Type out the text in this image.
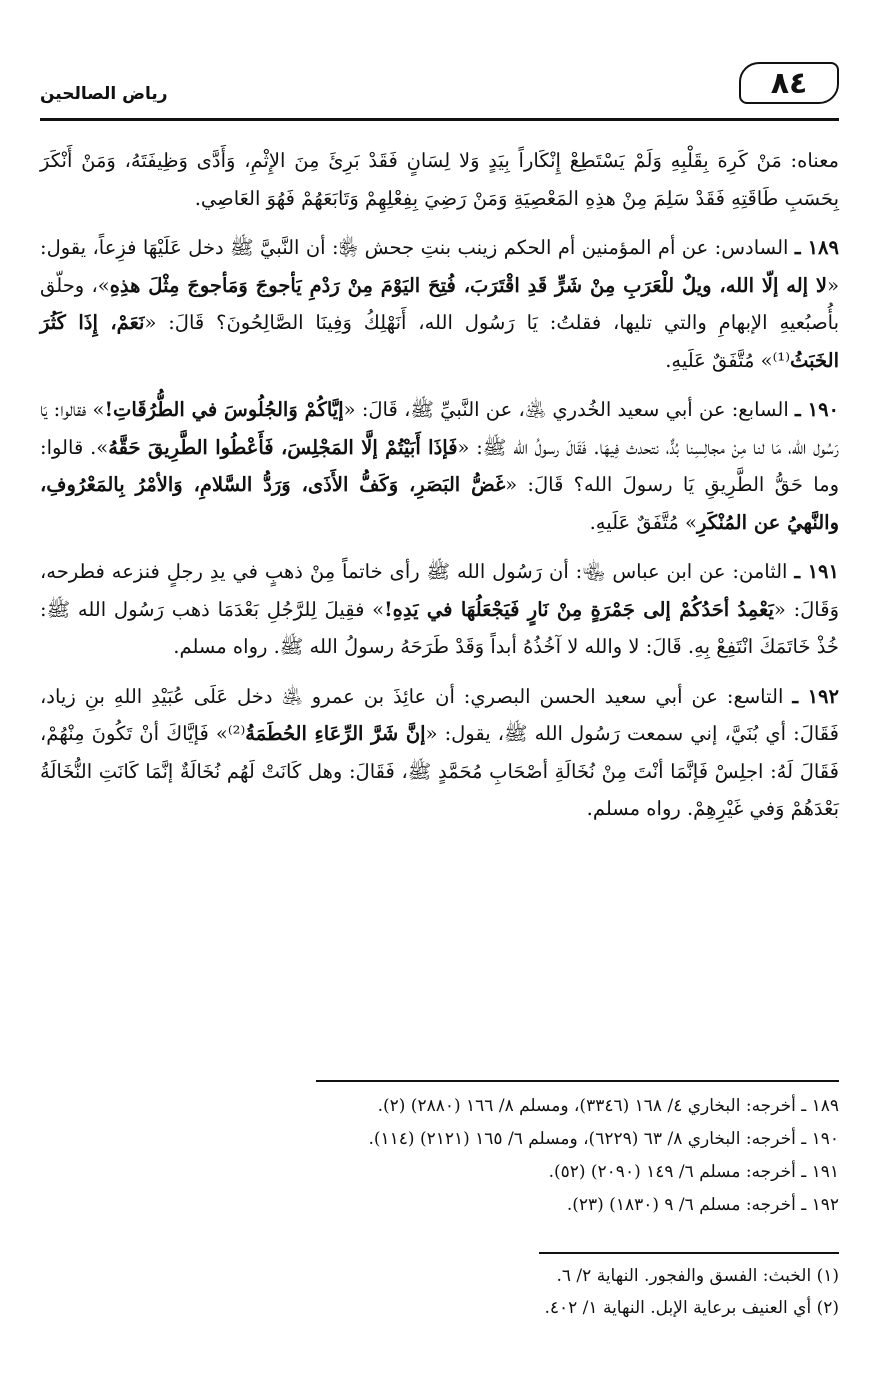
٨٤
رياض الصالحين

معناه: مَنْ كَرِهَ بِقَلْبِهِ وَلَمْ يَسْتَطِعْ إِنْكَاراً بِيَدٍ وَلا لِسَانٍ فَقَدْ بَرِئَ مِنَ الإِثْمِ، وَأَدَّى وَظِيفَتَهُ، وَمَنْ أَنْكَرَ بِحَسَبِ طَاقَتِهِ فَقَدْ سَلِمَ مِنْ هذِهِ المَعْصِيَةِ وَمَنْ رَضِيَ بِفِعْلِهِمْ وَتَابَعَهُمْ فَهُوَ العَاصِي.

١٨٩ ـ السادس: عن أم المؤمنين أم الحكم زينب بنتِ جحش ﵂: أن النَّبيَّ ﷺ دخل عَلَيْهَا فزِعاً، يقول: «لا إله إلّا الله، ويلٌ للْعَرَبِ مِنْ شَرٍّ قَدِ اقْتَرَبَ، فُتِحَ اليَوْمَ مِنْ رَدْمِ يَأجوجَ وَمَأجوجَ مِثْلَ هذِهِ»، وحلّق بأُصبُعيهِ الإبهامِ والتي تليها، فقلتُ: يَا رَسُول الله، أَنَهْلِكُ وَفِينَا الصَّالِحُونَ؟ قَالَ: «نَعَمْ، إِذَا كَثُرَ الخَبَثُ⁽¹⁾» مُتَّفَقٌ عَلَيهِ.

١٩٠ ـ السابع: عن أبي سعيد الخُدري ﵁، عن النَّبيِّ ﷺ، قَالَ: «إيَّاكُمْ وَالجُلُوسَ في الطُّرُقَاتِ!» فقالوا: يَا رَسُول الله، مَا لنا مِنْ مجالِسِنا بُدٌّ، نتحدث فِيهَا. فَقَالَ رسولُ الله ﷺ: «فَإذَا أَبَيْتُمْ إلَّا المَجْلِسَ، فَأَعْطُوا الطَّرِيقَ حَقَّهُ». قالوا: وما حَقُّ الطَّرِيقِ يَا رسولَ الله؟ قَالَ: «غَضُّ البَصَرِ، وَكَفُّ الأَذَى، وَرَدُّ السَّلامِ، وَالأمْرُ بِالمَعْرُوفِ، والنَّهيُ عن المُنْكَرِ» مُتَّفَقٌ عَلَيهِ.

١٩١ ـ الثامن: عن ابن عباس ﵄: أن رَسُول الله ﷺ رأى خاتماً مِنْ ذهبٍ في يدِ رجلٍ فنزعه فطرحه، وَقَالَ: «يَعْمِدُ أحَدُكُمْ إلى جَمْرَةٍ مِنْ نَارٍ فَيَجْعَلُهَا في يَدِهِ!» فقِيلَ لِلرَّجُلِ بَعْدَمَا ذهب رَسُول الله ﷺ: خُذْ خَاتَمَكَ انْتَفِعْ بِهِ. قَالَ: لا والله لا آخُذُهُ أبداً وَقَدْ طَرَحَهُ رسولُ الله ﷺ. رواه مسلم.

١٩٢ ـ التاسع: عن أبي سعيد الحسن البصري: أن عائِذَ بن عمرو ﵁ دخل عَلَى عُبَيْدِ اللهِ بنِ زياد، فَقَالَ: أي بُنَيَّ، إني سمعت رَسُول الله ﷺ، يقول: «إنَّ شَرَّ الرِّعَاءِ الحُطَمَةُ⁽²⁾» فَإيَّاكَ أنْ تَكُونَ مِنْهُمْ، فَقَالَ لَهُ: اجلِسْ فَإنَّمَا أنْتَ مِنْ نُخَالَةِ أصْحَابِ مُحَمَّدٍ ﷺ، فَقَالَ: وهل كَانَتْ لَهُم نُخَالَةٌ إنَّمَا كَانَتِ النُّخَالَةُ بَعْدَهُمْ وَفي غَيْرِهِمْ. رواه مسلم.

١٨٩ ـ أخرجه: البخاري ٤/ ١٦٨ (٣٣٤٦)، ومسلم ٨/ ١٦٦ (٢٨٨٠) (٢).
١٩٠ ـ أخرجه: البخاري ٨/ ٦٣ (٦٢٢٩)، ومسلم ٦/ ١٦٥ (٢١٢١) (١١٤).
١٩١ ـ أخرجه: مسلم ٦/ ١٤٩ (٢٠٩٠) (٥٢).
١٩٢ ـ أخرجه: مسلم ٦/ ٩ (١٨٣٠) (٢٣).
(١) الخبث: الفسق والفجور. النهاية ٢/ ٦.
(٢) أي العنيف برعاية الإبل. النهاية ١/ ٤٠٢.
